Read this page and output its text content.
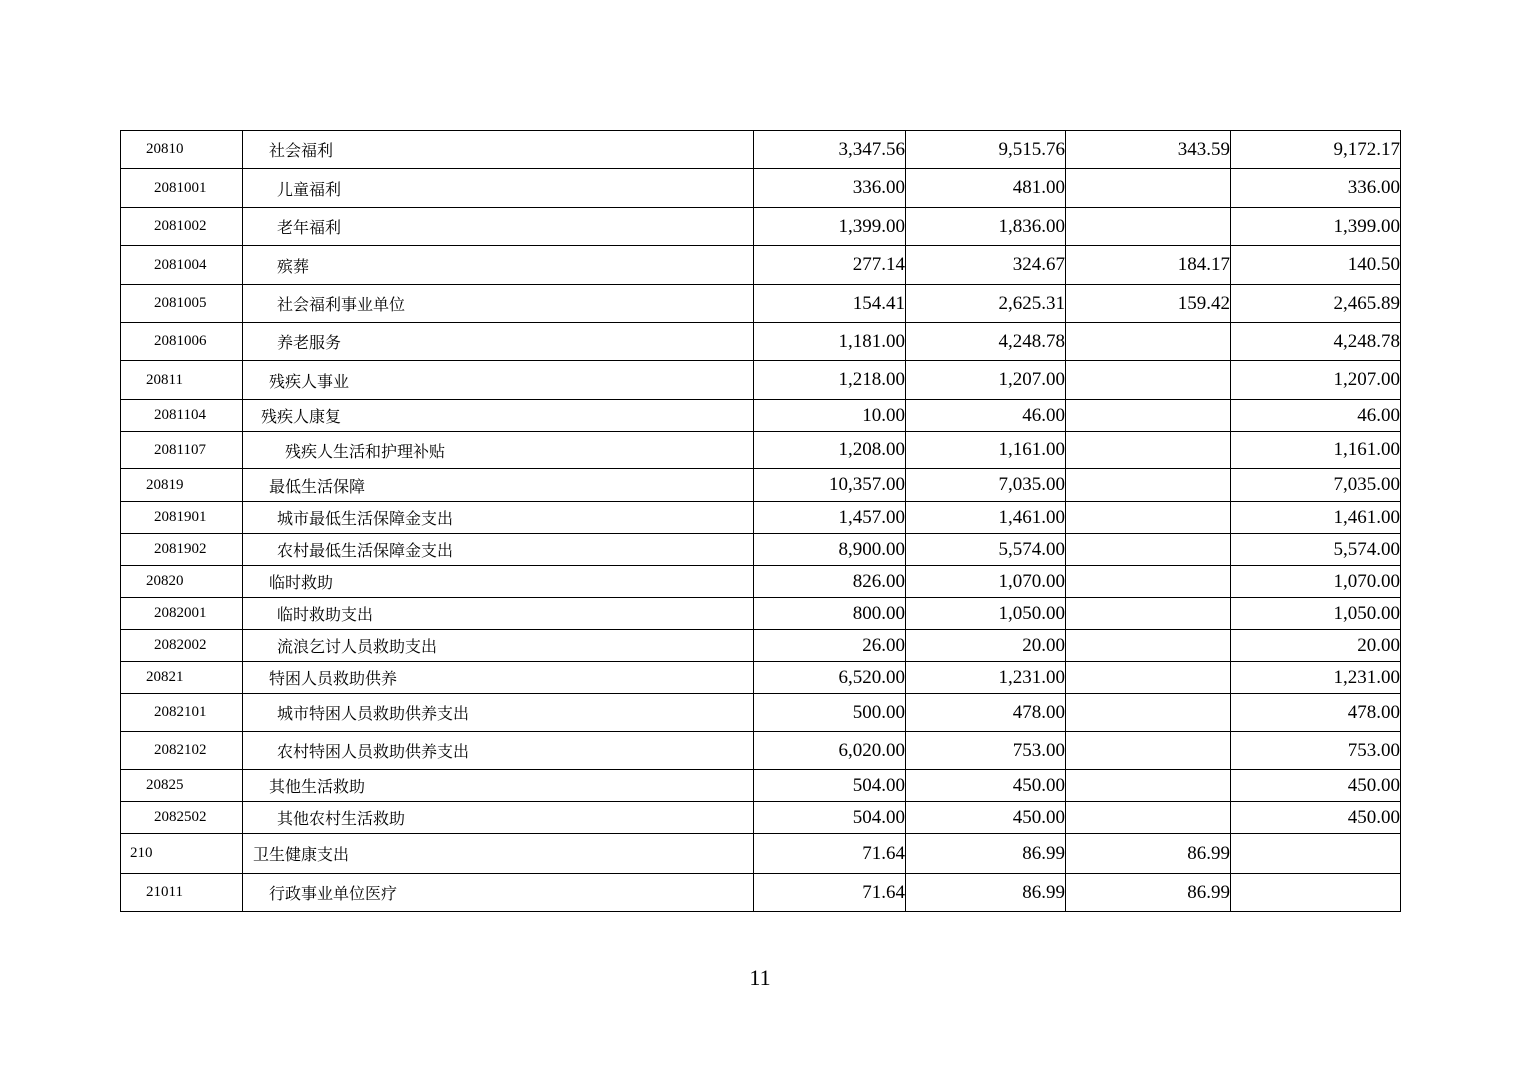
20810	社会福利	3,347.56	9,515.76	343.59	9,172.17
2081001	儿童福利	336.00	481.00		336.00
2081002	老年福利	1,399.00	1,836.00		1,399.00
2081004	殡葬	277.14	324.67	184.17	140.50
2081005	社会福利事业单位	154.41	2,625.31	159.42	2,465.89
2081006	养老服务	1,181.00	4,248.78		4,248.78
20811	残疾人事业	1,218.00	1,207.00		1,207.00
2081104	残疾人康复	10.00	46.00		46.00
2081107	残疾人生活和护理补贴	1,208.00	1,161.00		1,161.00
20819	最低生活保障	10,357.00	7,035.00		7,035.00
2081901	城市最低生活保障金支出	1,457.00	1,461.00		1,461.00
2081902	农村最低生活保障金支出	8,900.00	5,574.00		5,574.00
20820	临时救助	826.00	1,070.00		1,070.00
2082001	临时救助支出	800.00	1,050.00		1,050.00
2082002	流浪乞讨人员救助支出	26.00	20.00		20.00
20821	特困人员救助供养	6,520.00	1,231.00		1,231.00
2082101	城市特困人员救助供养支出	500.00	478.00		478.00
2082102	农村特困人员救助供养支出	6,020.00	753.00		753.00
20825	其他生活救助	504.00	450.00		450.00
2082502	其他农村生活救助	504.00	450.00		450.00
210	卫生健康支出	71.64	86.99	86.99	
21011	行政事业单位医疗	71.64	86.99	86.99	
11
